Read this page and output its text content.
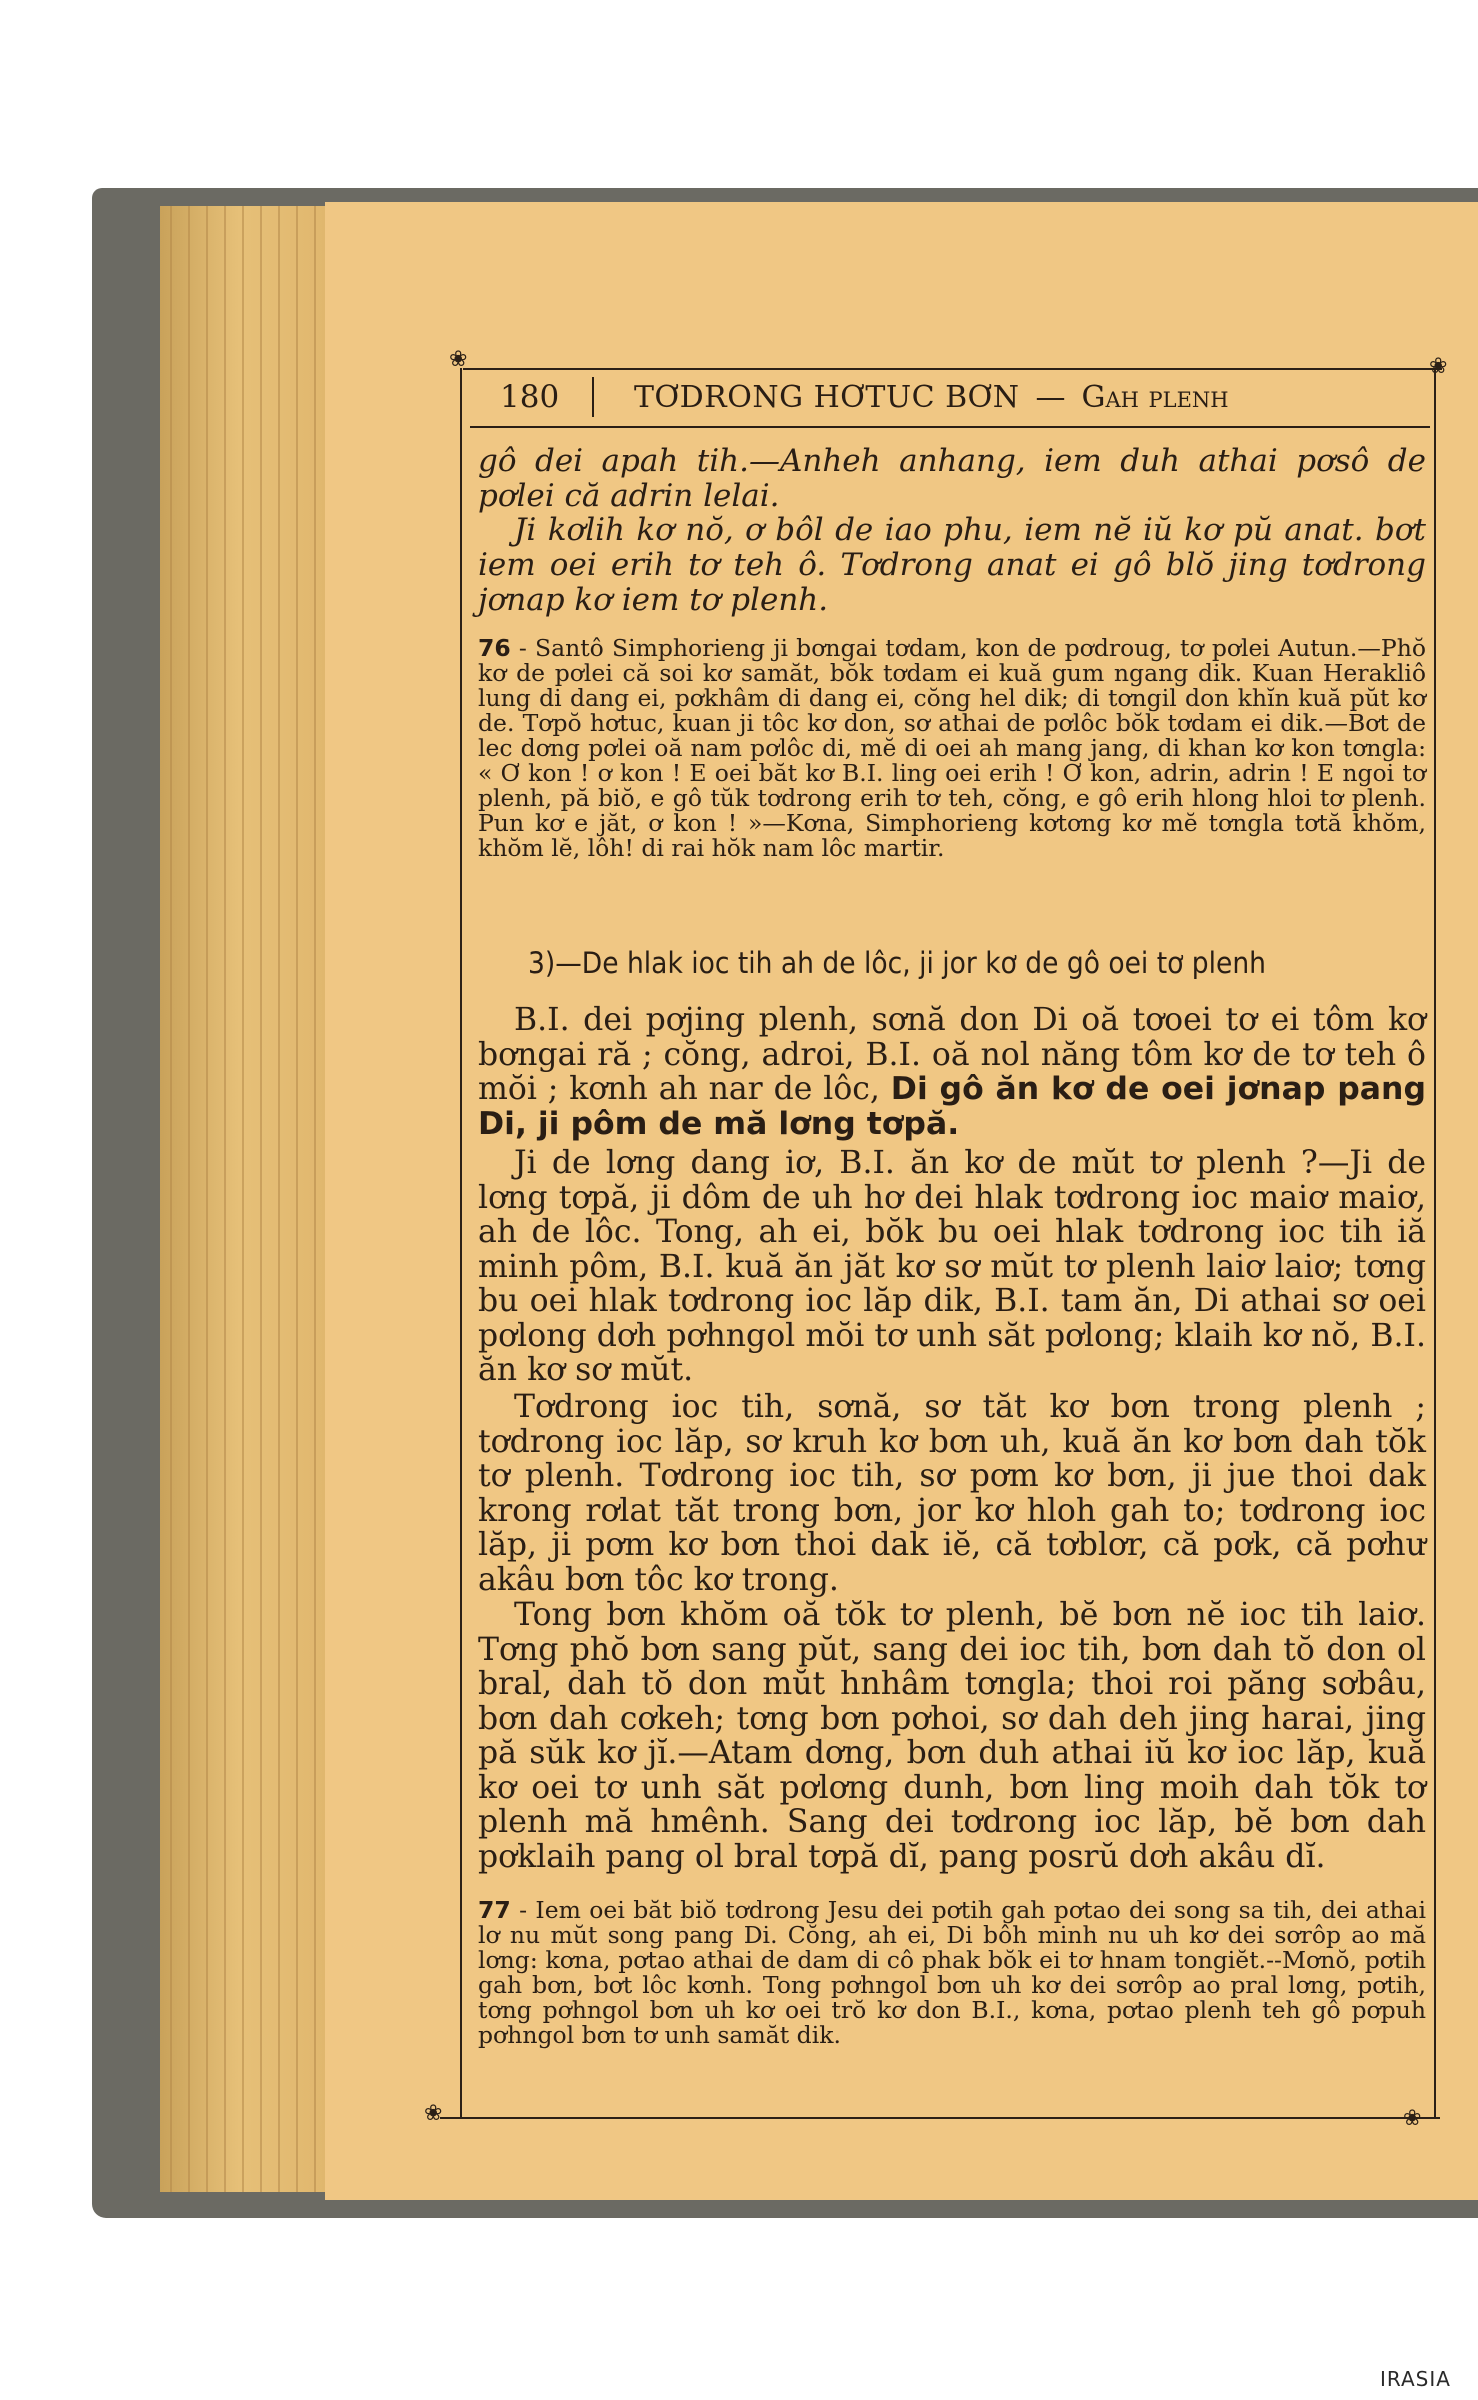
❀	❀
❀	❀
180	TƠDRONG HƠTUC BƠN — Gah plenh

gô dei apah tih.—Anheh anhang, iem duh athai pơsô de pơlei că adrin lelai.

Ji kơlih kơ nŏ, ơ bôl de iao phu, iem nĕ iŭ kơ pŭ anat. bơt iem oei erih tơ teh ô. Tơdrong anat ei gô blŏ jing tơdrong jơnap kơ iem tơ plenh.

76 - Santô Simphorieng ji bơngai tơdam, kon de pơdroug, tơ pơlei Autun.—Phŏ kơ de pơlei că soi kơ samăt, bŏk tơdam ei kuă gum ngang dik. Kuan Herakliô lung di dang ei, pơkhâm di dang ei, cŏng hel dik; di tơngil don khĭn kuă pŭt kơ de. Tơpŏ hơtuc, kuan ji tôc kơ don, sơ athai de pơlôc bŏk tơdam ei dik.—Bơt de lec dơng pơlei oă nam pơlôc di, mĕ di oei ah mang jang, di khan kơ kon tơngla: « Ơ kon ! ơ kon ! E oei băt kơ B.I. ling oei erih ! Ơ kon, adrin, adrin ! E ngoi tơ plenh, pă biŏ, e gô tŭk tơdrong erih tơ teh, cŏng, e gô erih hlong hloi tơ plenh. Pun kơ e jăt, ơ kon ! »—Kơna, Simphorieng kơtơng kơ mĕ tơngla tơtă khŏm, khŏm lĕ, lôh! di rai hŏk nam lôc martir.

3)—De hlak ioc tih ah de lôc, ji jor kơ de gô oei tơ plenh

B.I. dei pơjing plenh, sơnă don Di oă tơoei tơ ei tôm kơ bơngai ră ; cŏng, adroi, B.I. oă nol năng tôm kơ de tơ teh ô mŏi ; kơnh ah nar de lôc, Di gô ăn kơ de oei jơnap pang Di, ji pôm de mă lơng tơpă.

Ji de lơng dang iơ, B.I. ăn kơ de mŭt tơ plenh ?—Ji de lơng tơpă, ji dôm de uh hơ dei hlak tơdrong ioc maiơ maiơ, ah de lôc. Tong, ah ei, bŏk bu oei hlak tơdrong ioc tih iă minh pôm, B.I. kuă ăn jăt kơ sơ mŭt tơ plenh laiơ laiơ; tơng bu oei hlak tơdrong ioc lăp dik, B.I. tam ăn, Di athai sơ oei pơlong dơh pơhngol mŏi tơ unh săt pơlong; klaih kơ nŏ, B.I. ăn kơ sơ mŭt.

Tơdrong ioc tih, sơnă, sơ tăt kơ bơn trong plenh ; tơdrong ioc lăp, sơ kruh kơ bơn uh, kuă ăn kơ bơn dah tŏk tơ plenh. Tơdrong ioc tih, sơ pơm kơ bơn, ji jue thoi dak krong rơlat tăt trong bơn, jor kơ hloh gah to; tơdrong ioc lăp, ji pơm kơ bơn thoi dak iĕ, că tơblơr, că pơk, că pơhư akâu bơn tôc kơ trong.

Tong bơn khŏm oă tŏk tơ plenh, bĕ bơn nĕ ioc tih laiơ. Tơng phŏ bơn sang pŭt, sang dei ioc tih, bơn dah tŏ don ol bral, dah tŏ don mŭt hnhâm tơngla; thoi roi păng sơbâu, bơn dah cơkeh; tơng bơn pơhoi, sơ dah deh jing harai, jing pă sŭk kơ jĭ.—Atam dơng, bơn duh athai iŭ kơ ioc lăp, kuă kơ oei tơ unh săt pơlơng dunh, bơn ling moih dah tŏk tơ plenh mă hmênh. Sang dei tơdrong ioc lăp, bĕ bơn dah pơklaih pang ol bral tơpă dĭ, pang posrŭ dơh akâu dĭ.

77 - Iem oei băt biŏ tơdrong Jesu dei pơtih gah pơtao dei song sa tih, dei athai lơ nu mŭt song pang Di. Cŏng, ah ei, Di bôh minh nu uh kơ dei sơrôp ao mă lơng: kơna, pơtao athai de dam di cô phak bŏk ei tơ hnam tongiĕt.--Mơnŏ, pơtih gah bơn, bơt lôc kơnh. Tong pơhngol bơn uh kơ dei sơrôp ao pral lơng, pơtih, tơng pơhngol bơn uh kơ oei trŏ kơ don B.I., kơna, pơtao plenh teh gô pơpuh pơhngol bơn tơ unh samăt dik.

IRASIA
